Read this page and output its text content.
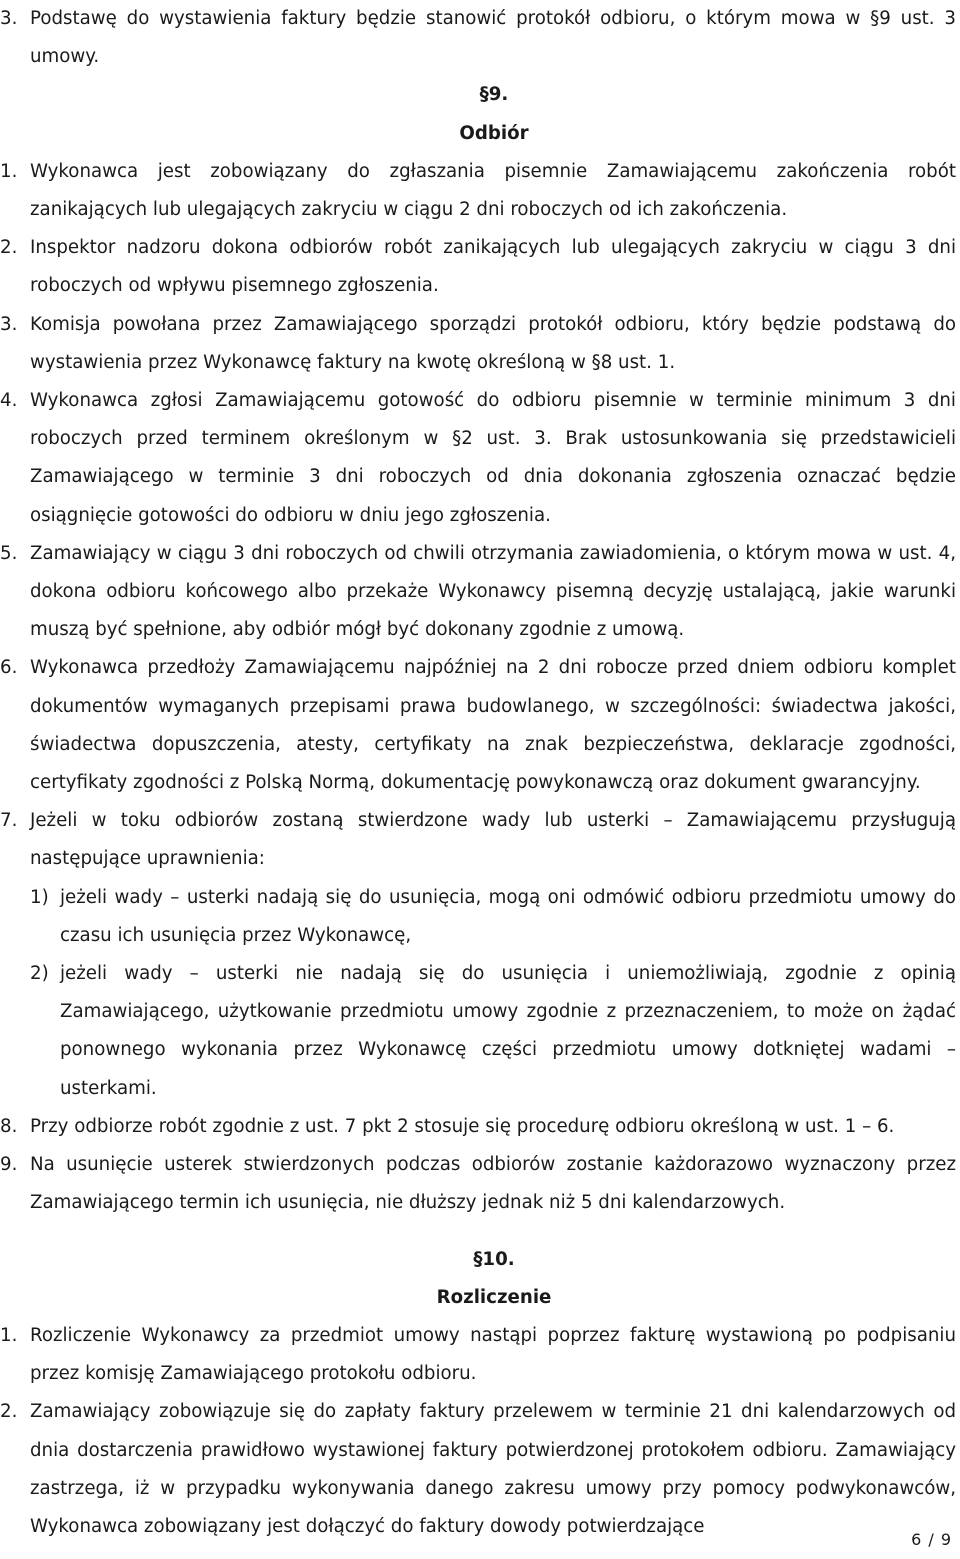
3. Podstawę do wystawienia faktury będzie stanowić protokół odbioru, o którym mowa w §9 ust. 3 umowy.
§9.
Odbiór
1. Wykonawca jest zobowiązany do zgłaszania pisemnie Zamawiającemu zakończenia robót zanikających lub ulegających zakryciu w ciągu 2 dni roboczych od ich zakończenia.
2. Inspektor nadzoru dokona odbiorów robót zanikających lub ulegających zakryciu w ciągu 3 dni roboczych od wpływu pisemnego zgłoszenia.
3. Komisja powołana przez Zamawiającego sporządzi protokół odbioru, który będzie podstawą do wystawienia przez Wykonawcę faktury na kwotę określoną w §8 ust. 1.
4. Wykonawca zgłosi Zamawiającemu gotowość do odbioru pisemnie w terminie minimum 3 dni roboczych przed terminem określonym w §2 ust. 3. Brak ustosunkowania się przedstawicieli Zamawiającego w terminie 3 dni roboczych od dnia dokonania zgłoszenia oznaczać będzie osiągnięcie gotowości do odbioru w dniu jego zgłoszenia.
5. Zamawiający w ciągu 3 dni roboczych od chwili otrzymania zawiadomienia, o którym mowa w ust. 4, dokona odbioru końcowego albo przekaże Wykonawcy pisemną decyzję ustalającą, jakie warunki muszą być spełnione, aby odbiór mógł być dokonany zgodnie z umową.
6. Wykonawca przedłoży Zamawiającemu najpóźniej na 2 dni robocze przed dniem odbioru komplet dokumentów wymaganych przepisami prawa budowlanego, w szczególności: świadectwa jakości, świadectwa dopuszczenia, atesty, certyfikaty na znak bezpieczeństwa, deklaracje zgodności, certyfikaty zgodności z Polską Normą, dokumentację powykonawczą oraz dokument gwarancyjny.
7. Jeżeli w toku odbiorów zostaną stwierdzone wady lub usterki – Zamawiającemu przysługują następujące uprawnienia:
1) jeżeli wady – usterki nadają się do usunięcia, mogą oni odmówić odbioru przedmiotu umowy do czasu ich usunięcia przez Wykonawcę,
2) jeżeli wady – usterki nie nadają się do usunięcia i uniemożliwiają, zgodnie z opinią Zamawiającego, użytkowanie przedmiotu umowy zgodnie z przeznaczeniem, to może on żądać ponownego wykonania przez Wykonawcę części przedmiotu umowy dotkniętej wadami – usterkami.
8. Przy odbiorze robót zgodnie z ust. 7 pkt 2 stosuje się procedurę odbioru określoną w ust. 1 – 6.
9. Na usunięcie usterek stwierdzonych podczas odbiorów zostanie każdorazowo wyznaczony przez Zamawiającego termin ich usunięcia, nie dłuższy jednak niż 5 dni kalendarzowych.
§10.
Rozliczenie
1. Rozliczenie Wykonawcy za przedmiot umowy nastąpi poprzez fakturę wystawioną po podpisaniu przez komisję Zamawiającego protokołu odbioru.
2. Zamawiający zobowiązuje się do zapłaty faktury przelewem w terminie 21 dni kalendarzowych od dnia dostarczenia prawidłowo wystawionej faktury potwierdzonej protokołem odbioru. Zamawiający zastrzega, iż w przypadku wykonywania danego zakresu umowy przy pomocy podwykonawców, Wykonawca zobowiązany jest dołączyć do faktury dowody potwierdzające
6 / 9
